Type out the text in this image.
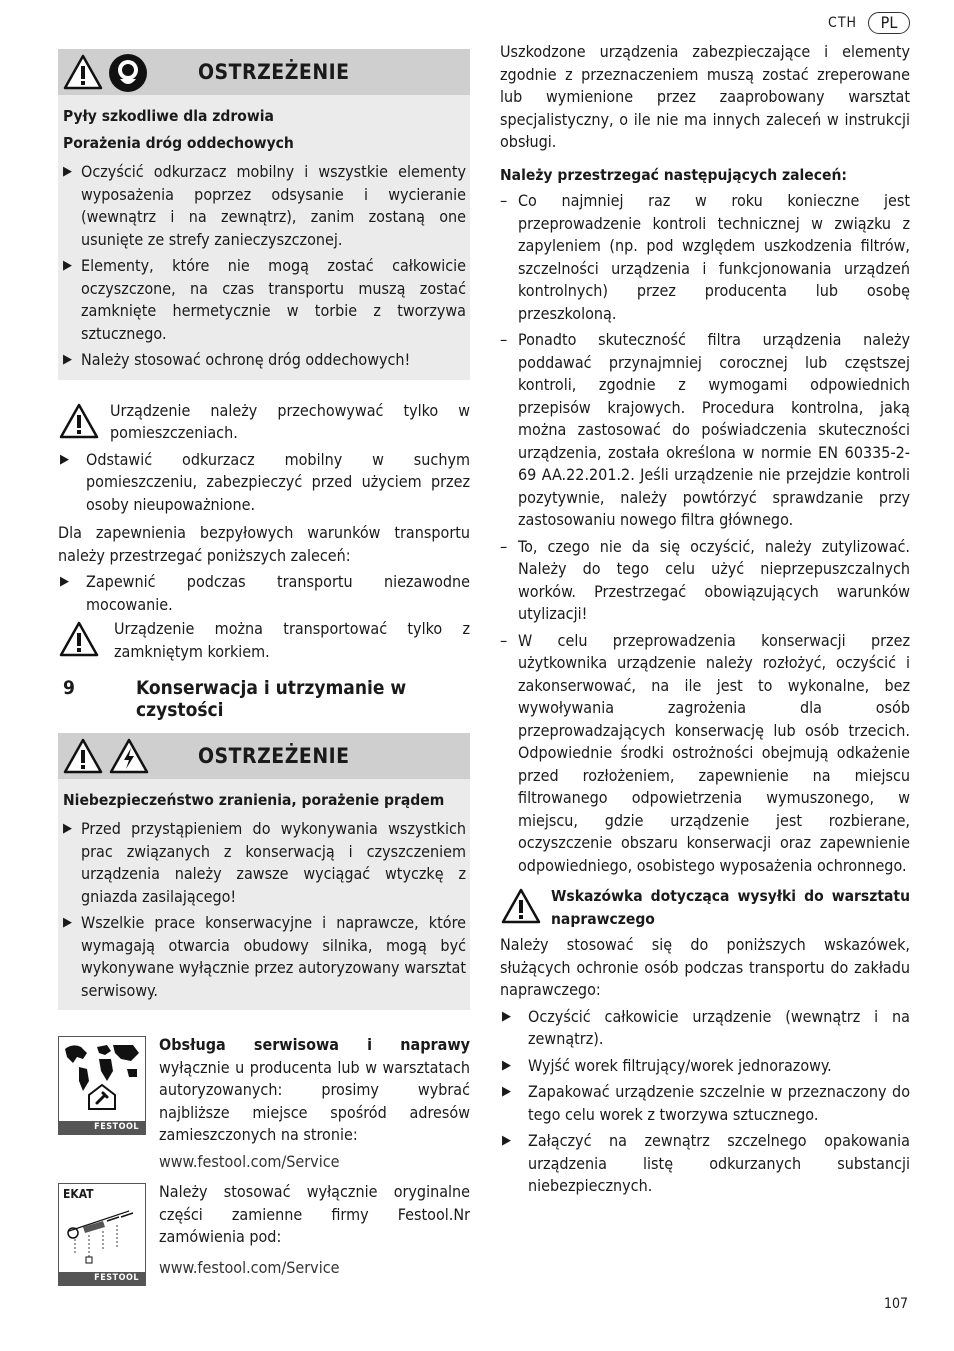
CTH	PL
OSTRZEŻENIE
Pyły szkodliwe dla zdrowia
Porażenia dróg oddechowych
▶ Oczyścić odkurzacz mobilny i wszystkie elementy wyposażenia poprzez odsysanie i wycieranie (wewnątrz i na zewnątrz), zanim zostaną one usunięte ze strefy zanieczyszczonej.
▶ Elementy, które nie mogą zostać całkowicie oczyszczone, na czas transportu muszą zostać zamknięte hermetycznie w torbie z tworzywa sztucznego.
▶ Należy stosować ochronę dróg oddechowych!
Urządzenie należy przechowywać tylko w pomieszczeniach.
▶ Odstawić odkurzacz mobilny w suchym pomieszczeniu, zabezpieczyć przed użyciem przez osoby nieupoważnione.
Dla zapewnienia bezpyłowych warunków transportu należy przestrzegać poniższych zaleceń:
▶ Zapewnić podczas transportu niezawodne mocowanie.
Urządzenie można transportować tylko z zamkniętym korkiem.
9	Konserwacja i utrzymanie w czystości
OSTRZEŻENIE
Niebezpieczeństwo zranienia, porażenie prądem
▶ Przed przystąpieniem do wykonywania wszystkich prac związanych z konserwacją i czyszczeniem urządzenia należy zawsze wyciągać wtyczkę z gniazda zasilającego!
▶ Wszelkie prace konserwacyjne i naprawcze, które wymagają otwarcia obudowy silnika, mogą być wykonywane wyłącznie przez autoryzowany warsztat serwisowy.
FESTOOL
Obsługa serwisowa i naprawy wyłącznie u producenta lub w warsztatach autoryzowanych: prosimy wybrać najbliższe miejsce spośród adresów zamieszczonych na stronie:
www.festool.com/Service
EKAT
FESTOOL
Należy stosować wyłącznie oryginalne części zamienne firmy Festool.Nr zamówienia pod:
www.festool.com/Service
Uszkodzone urządzenia zabezpieczające i elementy zgodnie z przeznaczeniem muszą zostać zreperowane lub wymienione przez zaaprobowany warsztat specjalistyczny, o ile nie ma innych zaleceń w instrukcji obsługi.
Należy przestrzegać następujących zaleceń:
– Co najmniej raz w roku konieczne jest przeprowadzenie kontroli technicznej w związku z zapyleniem (np. pod względem uszkodzenia filtrów, szczelności urządzenia i funkcjonowania urządzeń kontrolnych) przez producenta lub osobę przeszkoloną.
– Ponadto skuteczność filtra urządzenia należy poddawać przynajmniej corocznej lub częstszej kontroli, zgodnie z wymogami odpowiednich przepisów krajowych. Procedura kontrolna, jaką można zastosować do poświadczenia skuteczności urządzenia, została określona w normie EN 60335-2-69 AA.22.201.2. Jeśli urządzenie nie przejdzie kontroli pozytywnie, należy powtórzyć sprawdzanie przy zastosowaniu nowego filtra głównego.
– To, czego nie da się oczyścić, należy zutylizować. Należy do tego celu użyć nieprzepuszczalnych worków. Przestrzegać obowiązujących warunków utylizacji!
– W celu przeprowadzenia konserwacji przez użytkownika urządzenie należy rozłożyć, oczyścić i zakonserwować, na ile jest to wykonalne, bez wywoływania zagrożenia dla osób przeprowadzających konserwację lub osób trzecich. Odpowiednie środki ostrożności obejmują odkażenie przed rozłożeniem, zapewnienie na miejscu filtrowanego odpowietrzenia wymuszonego, w miejscu, gdzie urządzenie jest rozbierane, oczyszczenie obszaru konserwacji oraz zapewnienie odpowiedniego, osobistego wyposażenia ochronnego.
Wskazówka dotycząca wysyłki do warsztatu naprawczego
Należy stosować się do poniższych wskazówek, służących ochronie osób podczas transportu do zakładu naprawczego:
▶ Oczyścić całkowicie urządzenie (wewnątrz i na zewnątrz).
▶ Wyjść worek filtrujący/worek jednorazowy.
▶ Zapakować urządzenie szczelnie w przeznaczony do tego celu worek z tworzywa sztucznego.
▶ Załączyć na zewnątrz szczelnego opakowania urządzenia listę odkurzanych substancji niebezpiecznych.
107
